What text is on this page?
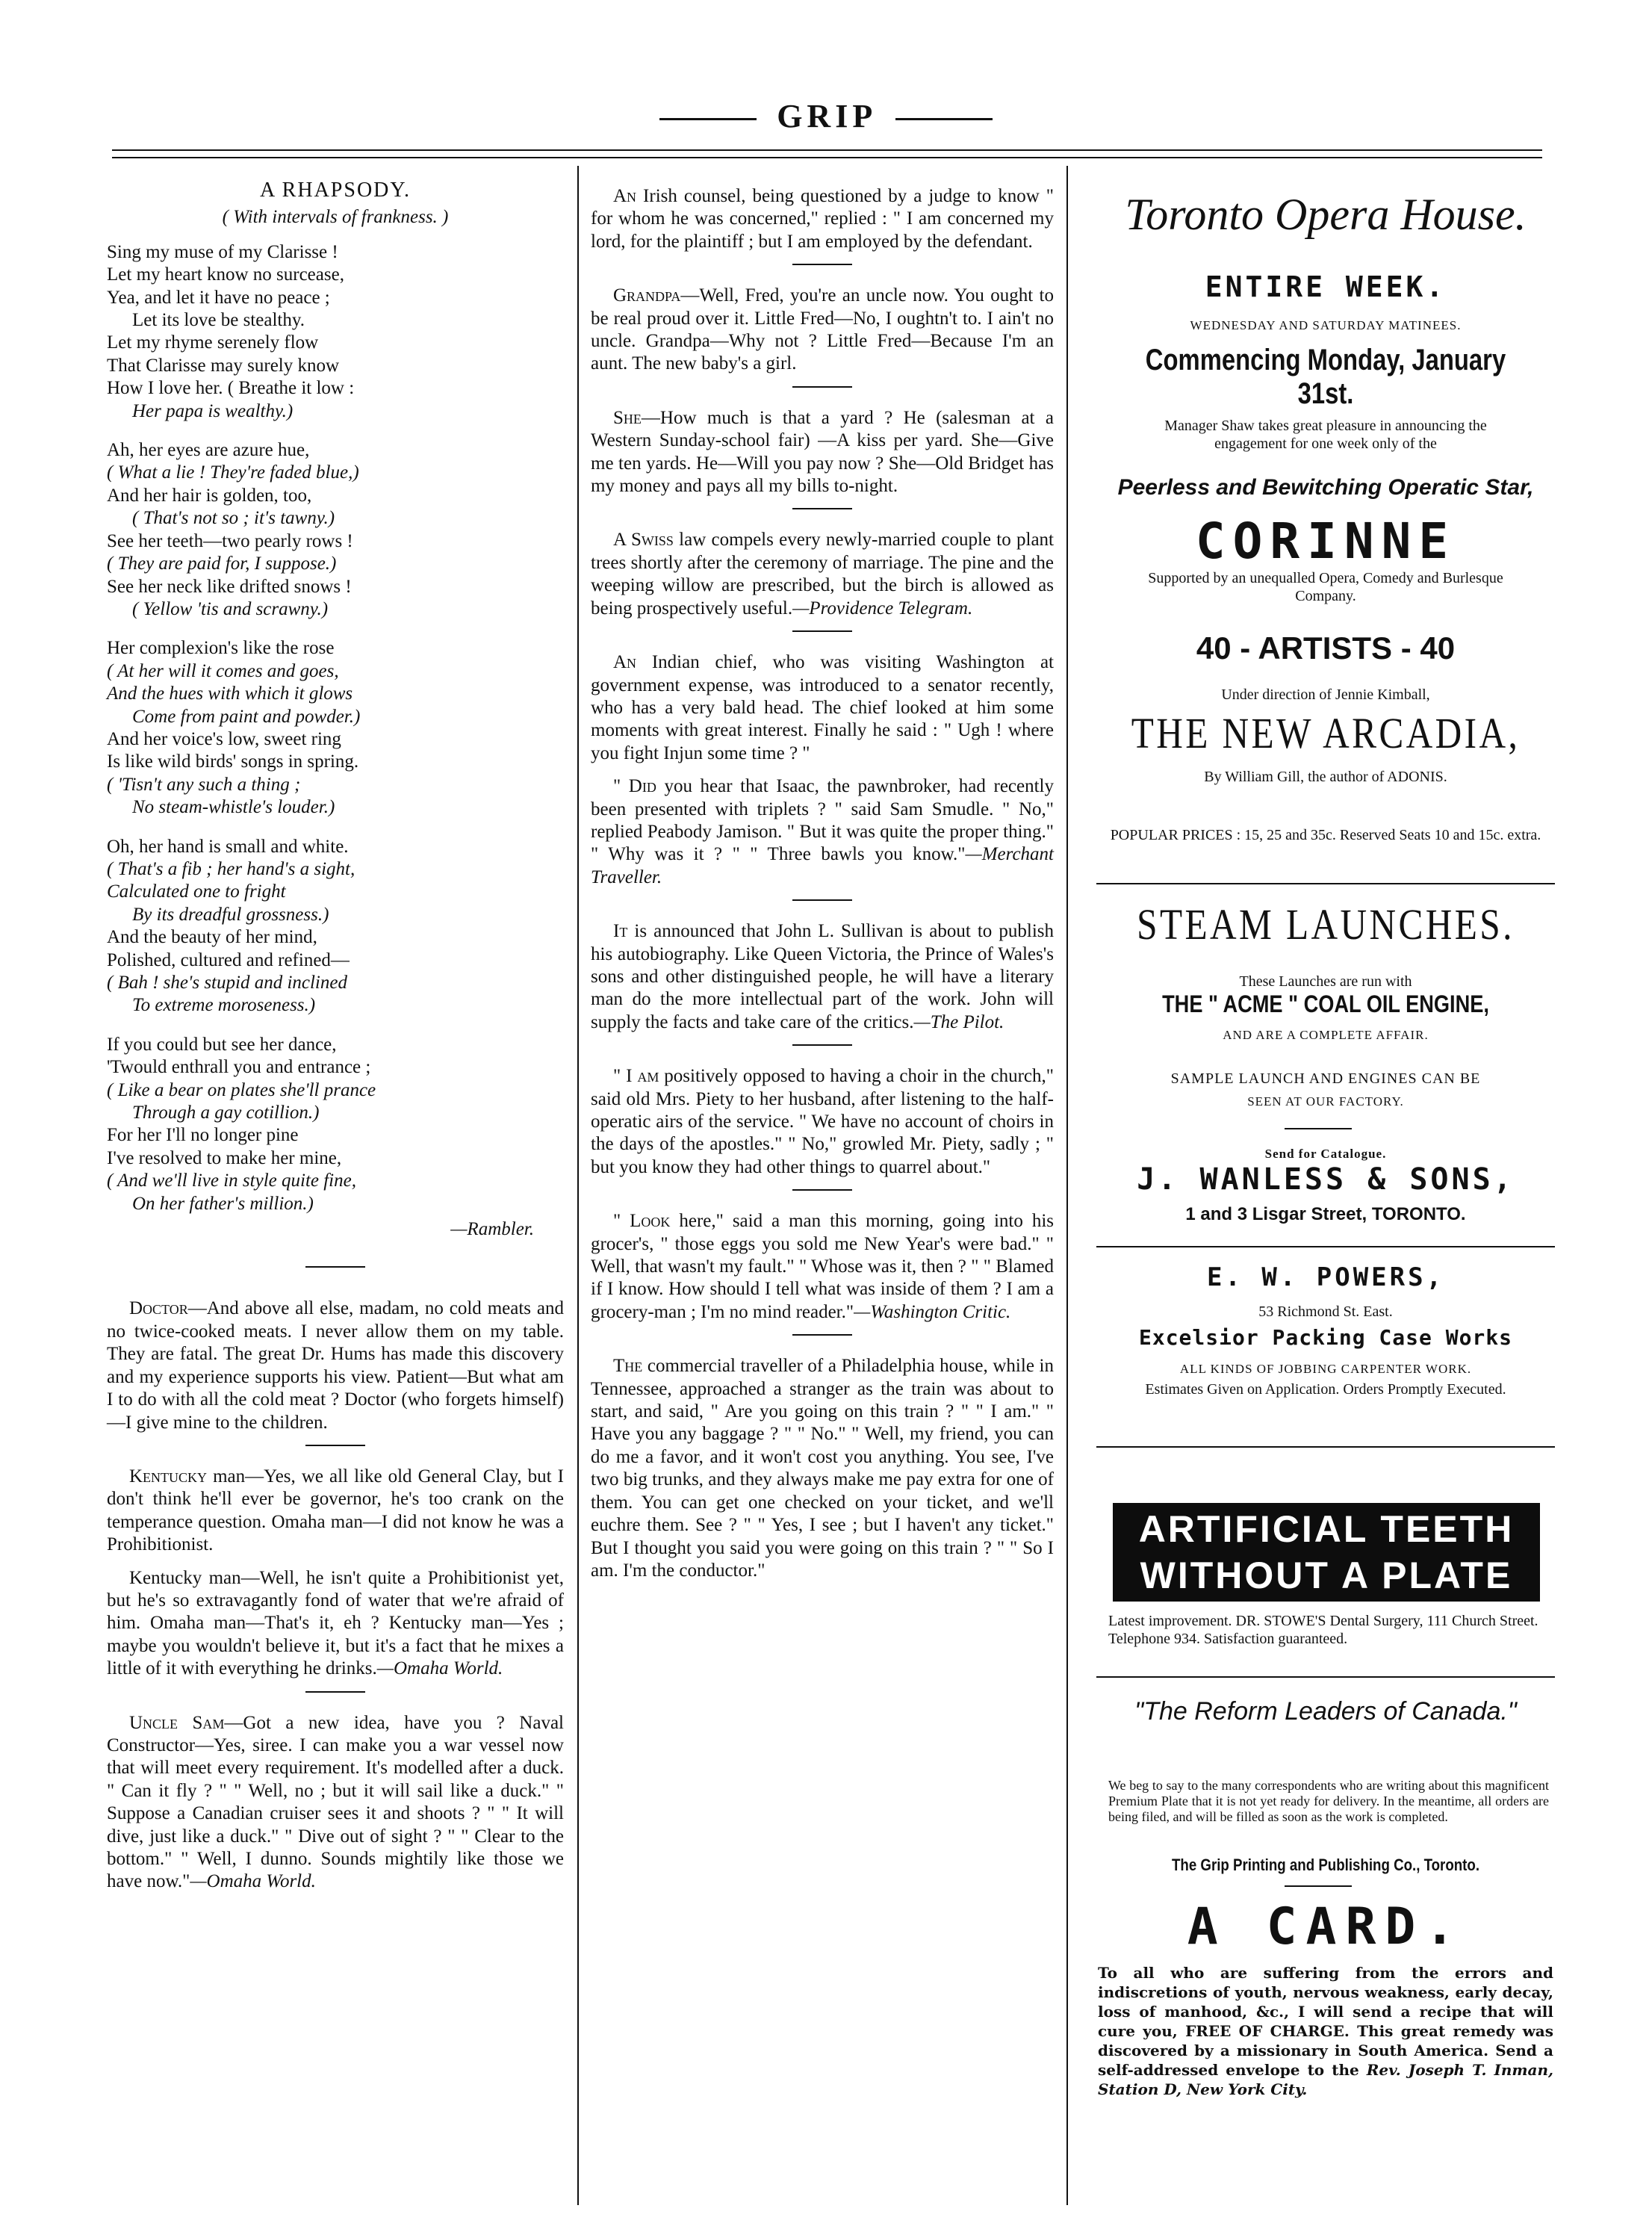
GRIP
A RHAPSODY.
( With intervals of frankness. )
Sing my muse of my Clarisse !
Let my heart know no surcease,
Yea, and let it have no peace ;
Let its love be stealthy.
Let my rhyme serenely flow
That Clarisse may surely know
How I love her. ( Breathe it low :
Her papa is wealthy.)
Ah, her eyes are azure hue,
( What a lie ! They're faded blue,)
And her hair is golden, too,
( That's not so ; it's tawny.)
See her teeth—two pearly rows !
( They are paid for, I suppose.)
See her neck like drifted snows !
( Yellow 'tis and scrawny.)
Her complexion's like the rose
( At her will it comes and goes,
And the hues with which it glows
Come from paint and powder.)
And her voice's low, sweet ring
Is like wild birds' songs in spring.
( 'Tisn't any such a thing ;
No steam-whistle's louder.)
Oh, her hand is small and white.
( That's a fib ; her hand's a sight,
Calculated one to fright
By its dreadful grossness.)
And the beauty of her mind,
Polished, cultured and refined—
( Bah ! she's stupid and inclined
To extreme moroseness.)
If you could but see her dance,
'Twould enthrall you and entrance ;
( Like a bear on plates she'll prance
Through a gay cotillion.)
For her I'll no longer pine
I've resolved to make her mine,
( And we'll live in style quite fine,
On her father's million.)
—Rambler.

Doctor—And above all else, madam, no cold meats and no twice-cooked meats. I never allow them on my table. They are fatal. The great Dr. Hums has made this discovery and my experience supports his view. Patient—But what am I to do with all the cold meat ? Doctor (who forgets himself)—I give mine to the children.

Kentucky man—Yes, we all like old General Clay, but I don't think he'll ever be governor, he's too crank on the temperance question. Omaha man—I did not know he was a Prohibitionist.

Kentucky man—Well, he isn't quite a Prohibitionist yet, but he's so extravagantly fond of water that we're afraid of him. Omaha man—That's it, eh ? Kentucky man—Yes ; maybe you wouldn't believe it, but it's a fact that he mixes a little of it with everything he drinks.—Omaha World.

Uncle Sam—Got a new idea, have you ? Naval Constructor—Yes, siree. I can make you a war vessel now that will meet every requirement. It's modelled after a duck. " Can it fly ? " " Well, no ; but it will sail like a duck." " Suppose a Canadian cruiser sees it and shoots ? " " It will dive, just like a duck." " Dive out of sight ? " " Clear to the bottom." " Well, I dunno. Sounds mightily like those we have now."—Omaha World.

An Irish counsel, being questioned by a judge to know " for whom he was concerned," replied : " I am concerned my lord, for the plaintiff ; but I am employed by the defendant.

Grandpa—Well, Fred, you're an uncle now. You ought to be real proud over it. Little Fred—No, I oughtn't to. I ain't no uncle. Grandpa—Why not ? Little Fred—Because I'm an aunt. The new baby's a girl.

She—How much is that a yard ? He (salesman at a Western Sunday-school fair) —A kiss per yard. She—Give me ten yards. He—Will you pay now ? She—Old Bridget has my money and pays all my bills to-night.

A Swiss law compels every newly-married couple to plant trees shortly after the ceremony of marriage. The pine and the weeping willow are prescribed, but the birch is allowed as being prospectively useful.—Providence Telegram.

An Indian chief, who was visiting Washington at government expense, was introduced to a senator recently, who has a very bald head. The chief looked at him some moments with great interest. Finally he said : " Ugh ! where you fight Injun some time ? "

" Did you hear that Isaac, the pawnbroker, had recently been presented with triplets ? " said Sam Smudle. " No," replied Peabody Jamison. " But it was quite the proper thing." " Why was it ? " " Three bawls you know."—Merchant Traveller.

It is announced that John L. Sullivan is about to publish his autobiography. Like Queen Victoria, the Prince of Wales's sons and other distinguished people, he will have a literary man do the more intellectual part of the work. John will supply the facts and take care of the critics.—The Pilot.

" I am positively opposed to having a choir in the church," said old Mrs. Piety to her husband, after listening to the half-operatic airs of the service. " We have no account of choirs in the days of the apostles." " No," growled Mr. Piety, sadly ; " but you know they had other things to quarrel about."

" Look here," said a man this morning, going into his grocer's, " those eggs you sold me New Year's were bad." " Well, that wasn't my fault." " Whose was it, then ? " " Blamed if I know. How should I tell what was inside of them ? I am a grocery-man ; I'm no mind reader."—Washington Critic.

The commercial traveller of a Philadelphia house, while in Tennessee, approached a stranger as the train was about to start, and said, " Are you going on this train ? " " I am." " Have you any baggage ? " " No." " Well, my friend, you can do me a favor, and it won't cost you anything. You see, I've two big trunks, and they always make me pay extra for one of them. You can get one checked on your ticket, and we'll euchre them. See ? " " Yes, I see ; but I haven't any ticket." But I thought you said you were going on this train ? " " So I am. I'm the conductor."

Toronto Opera House.
ENTIRE WEEK.
WEDNESDAY AND SATURDAY MATINEES.
Commencing Monday, January 31st.
Manager Shaw takes great pleasure in announcing the engagement for one week only of the
Peerless and Bewitching Operatic Star,
CORINNE
Supported by an unequalled Opera, Comedy and Burlesque Company.
40 - ARTISTS - 40
Under direction of Jennie Kimball,
THE NEW ARCADIA,
By William Gill, the author of ADONIS.
POPULAR PRICES : 15, 25 and 35c. Reserved Seats 10 and 15c. extra.
STEAM LAUNCHES.
These Launches are run with
THE " ACME " COAL OIL ENGINE,
AND ARE A COMPLETE AFFAIR.
SAMPLE LAUNCH AND ENGINES CAN BE
SEEN AT OUR FACTORY.
Send for Catalogue.
J. WANLESS & SONS,
1 and 3 Lisgar Street, TORONTO.
E. W. POWERS,
53 Richmond St. East.
Excelsior Packing Case Works
ALL KINDS OF JOBBING CARPENTER WORK.
Estimates Given on Application. Orders Promptly Executed.
ARTIFICIAL TEETH
WITHOUT A PLATE
Latest improvement. DR. STOWE'S Dental Surgery, 111 Church Street. Telephone 934. Satisfaction guaranteed.
"The Reform Leaders of Canada."
We beg to say to the many correspondents who are writing about this magnificent Premium Plate that it is not yet ready for delivery. In the meantime, all orders are being filed, and will be filled as soon as the work is completed.
The Grip Printing and Publishing Co., Toronto.
A CARD.
To all who are suffering from the errors and indiscretions of youth, nervous weakness, early decay, loss of manhood, &c., I will send a recipe that will cure you, FREE OF CHARGE. This great remedy was discovered by a missionary in South America. Send a self-addressed envelope to the Rev. Joseph T. Inman, Station D, New York City.
